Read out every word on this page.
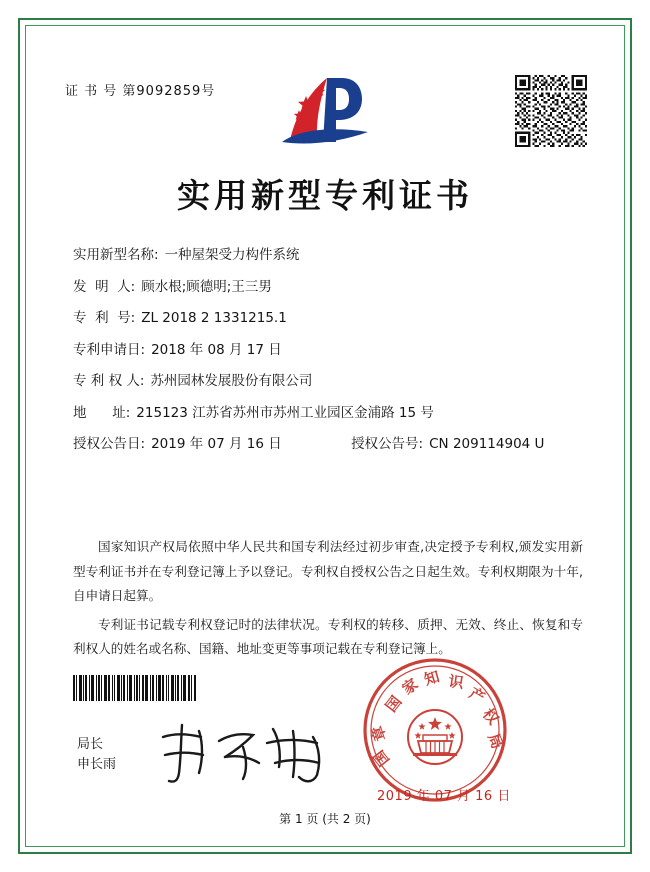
证 书 号 第9092859号
实用新型专利证书
实用新型名称: 一种屋架受力构件系统
发  明  人: 顾水根;顾德明;王三男
专  利  号: ZL 2018 2 1331215.1
专利申请日: 2018 年 08 月 17 日
专 利 权 人: 苏州园林发展股份有限公司
地      址: 215123 江苏省苏州市苏州工业园区金浦路 15 号
授权公告日: 2019 年 07 月 16 日	授权公告号: CN 209114904 U

国家知识产权局依照中华人民共和国专利法经过初步审查,决定授予专利权,颁发实用新型专利证书并在专利登记簿上予以登记。专利权自授权公告之日起生效。专利权期限为十年,自申请日起算。

专利证书记载专利权登记时的法律状况。专利权的转移、质押、无效、终止、恢复和专利权人的姓名或名称、国籍、地址变更等事项记载在专利登记簿上。

局长
申长雨
国
家 知 识
产
权
局
章
国
2019 年 07 月 16 日
第 1 页 (共 2 页)
